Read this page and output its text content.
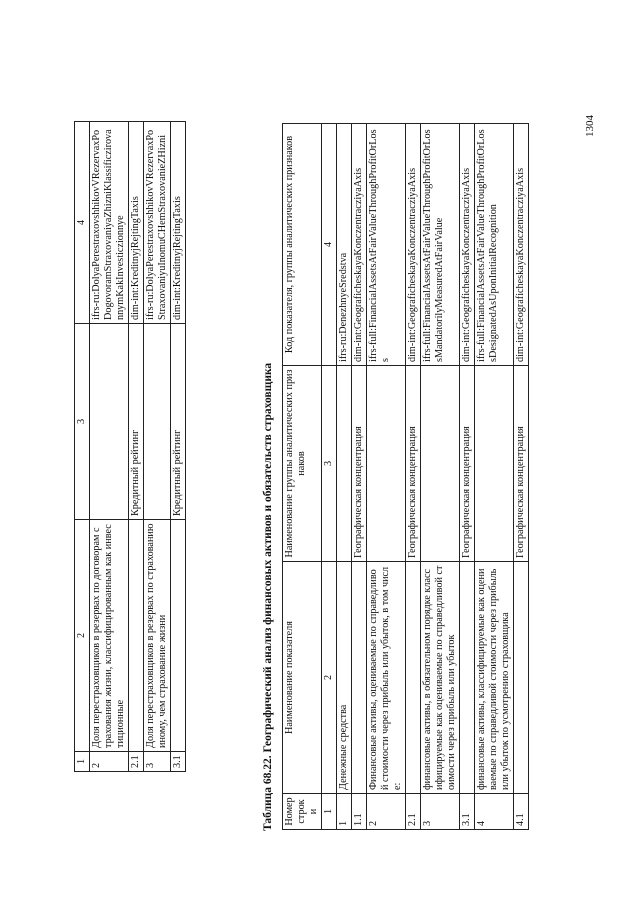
1	2	3	4
2	Доля перестраховщиков в резервах по договорам страхования жизни, классифицированным как инвестиционные		ifrs-ru:DolyaPerestraxovshhikovVRezervaxPoDogovoramStraxovaniyaZhizniKlassificzirovannymKakInvesticzionnye
2.1		Кредитный рейтинг	dim-int:KreditnyjRejtingTaxis
3	Доля перестраховщиков в резервах по страхованию иному, чем страхование жизни		ifrs-ru:DolyaPerestraxovshhikovVRezervaxPoStraxovaniyuInomuCHemStraxovanieZHizni
3.1		Кредитный рейтинг	dim-int:KreditnyjRejtingTaxis
Таблица 68.22. Географический анализ финансовых активов и обязательств страховщика Номер строки	Наименование показателя	Наименование группы аналитических признаков	Код показателя, группы аналитических признаков
1	2	3	4
1	Денежные средства		ifrs-ru:DenezhnyeSredstva
1.1		Географическая концентрация	dim-int:GeograficheskayaKonczentracziyaAxis
2	Финансовые активы, оцениваемые по справедливой стоимости через прибыль или убыток, в том числе:		ifrs-full:FinancialAssetsAtFairValueThroughProfitOrLoss
2.1		Географическая концентрация	dim-int:GeograficheskayaKonczentracziyaAxis
3	финансовые активы, в обязательном порядке классифицируемые как оцениваемые по справедливой стоимости через прибыль или убыток		ifrs-full:FinancialAssetsAtFairValueThroughProfitOrLossMandatorilyMeasuredAtFairValue
3.1		Географическая концентрация	dim-int:GeograficheskayaKonczentracziyaAxis
4	финансовые активы, классифицируемые как оцениваемые по справедливой стоимости через прибыль или убыток по усмотрению страховщика		ifrs-full:FinancialAssetsAtFairValueThroughProfitOrLossDesignatedAsUponInitialRecognition
4.1		Географическая концентрация	dim-int:GeograficheskayaKonczentracziyaAxis
1304
